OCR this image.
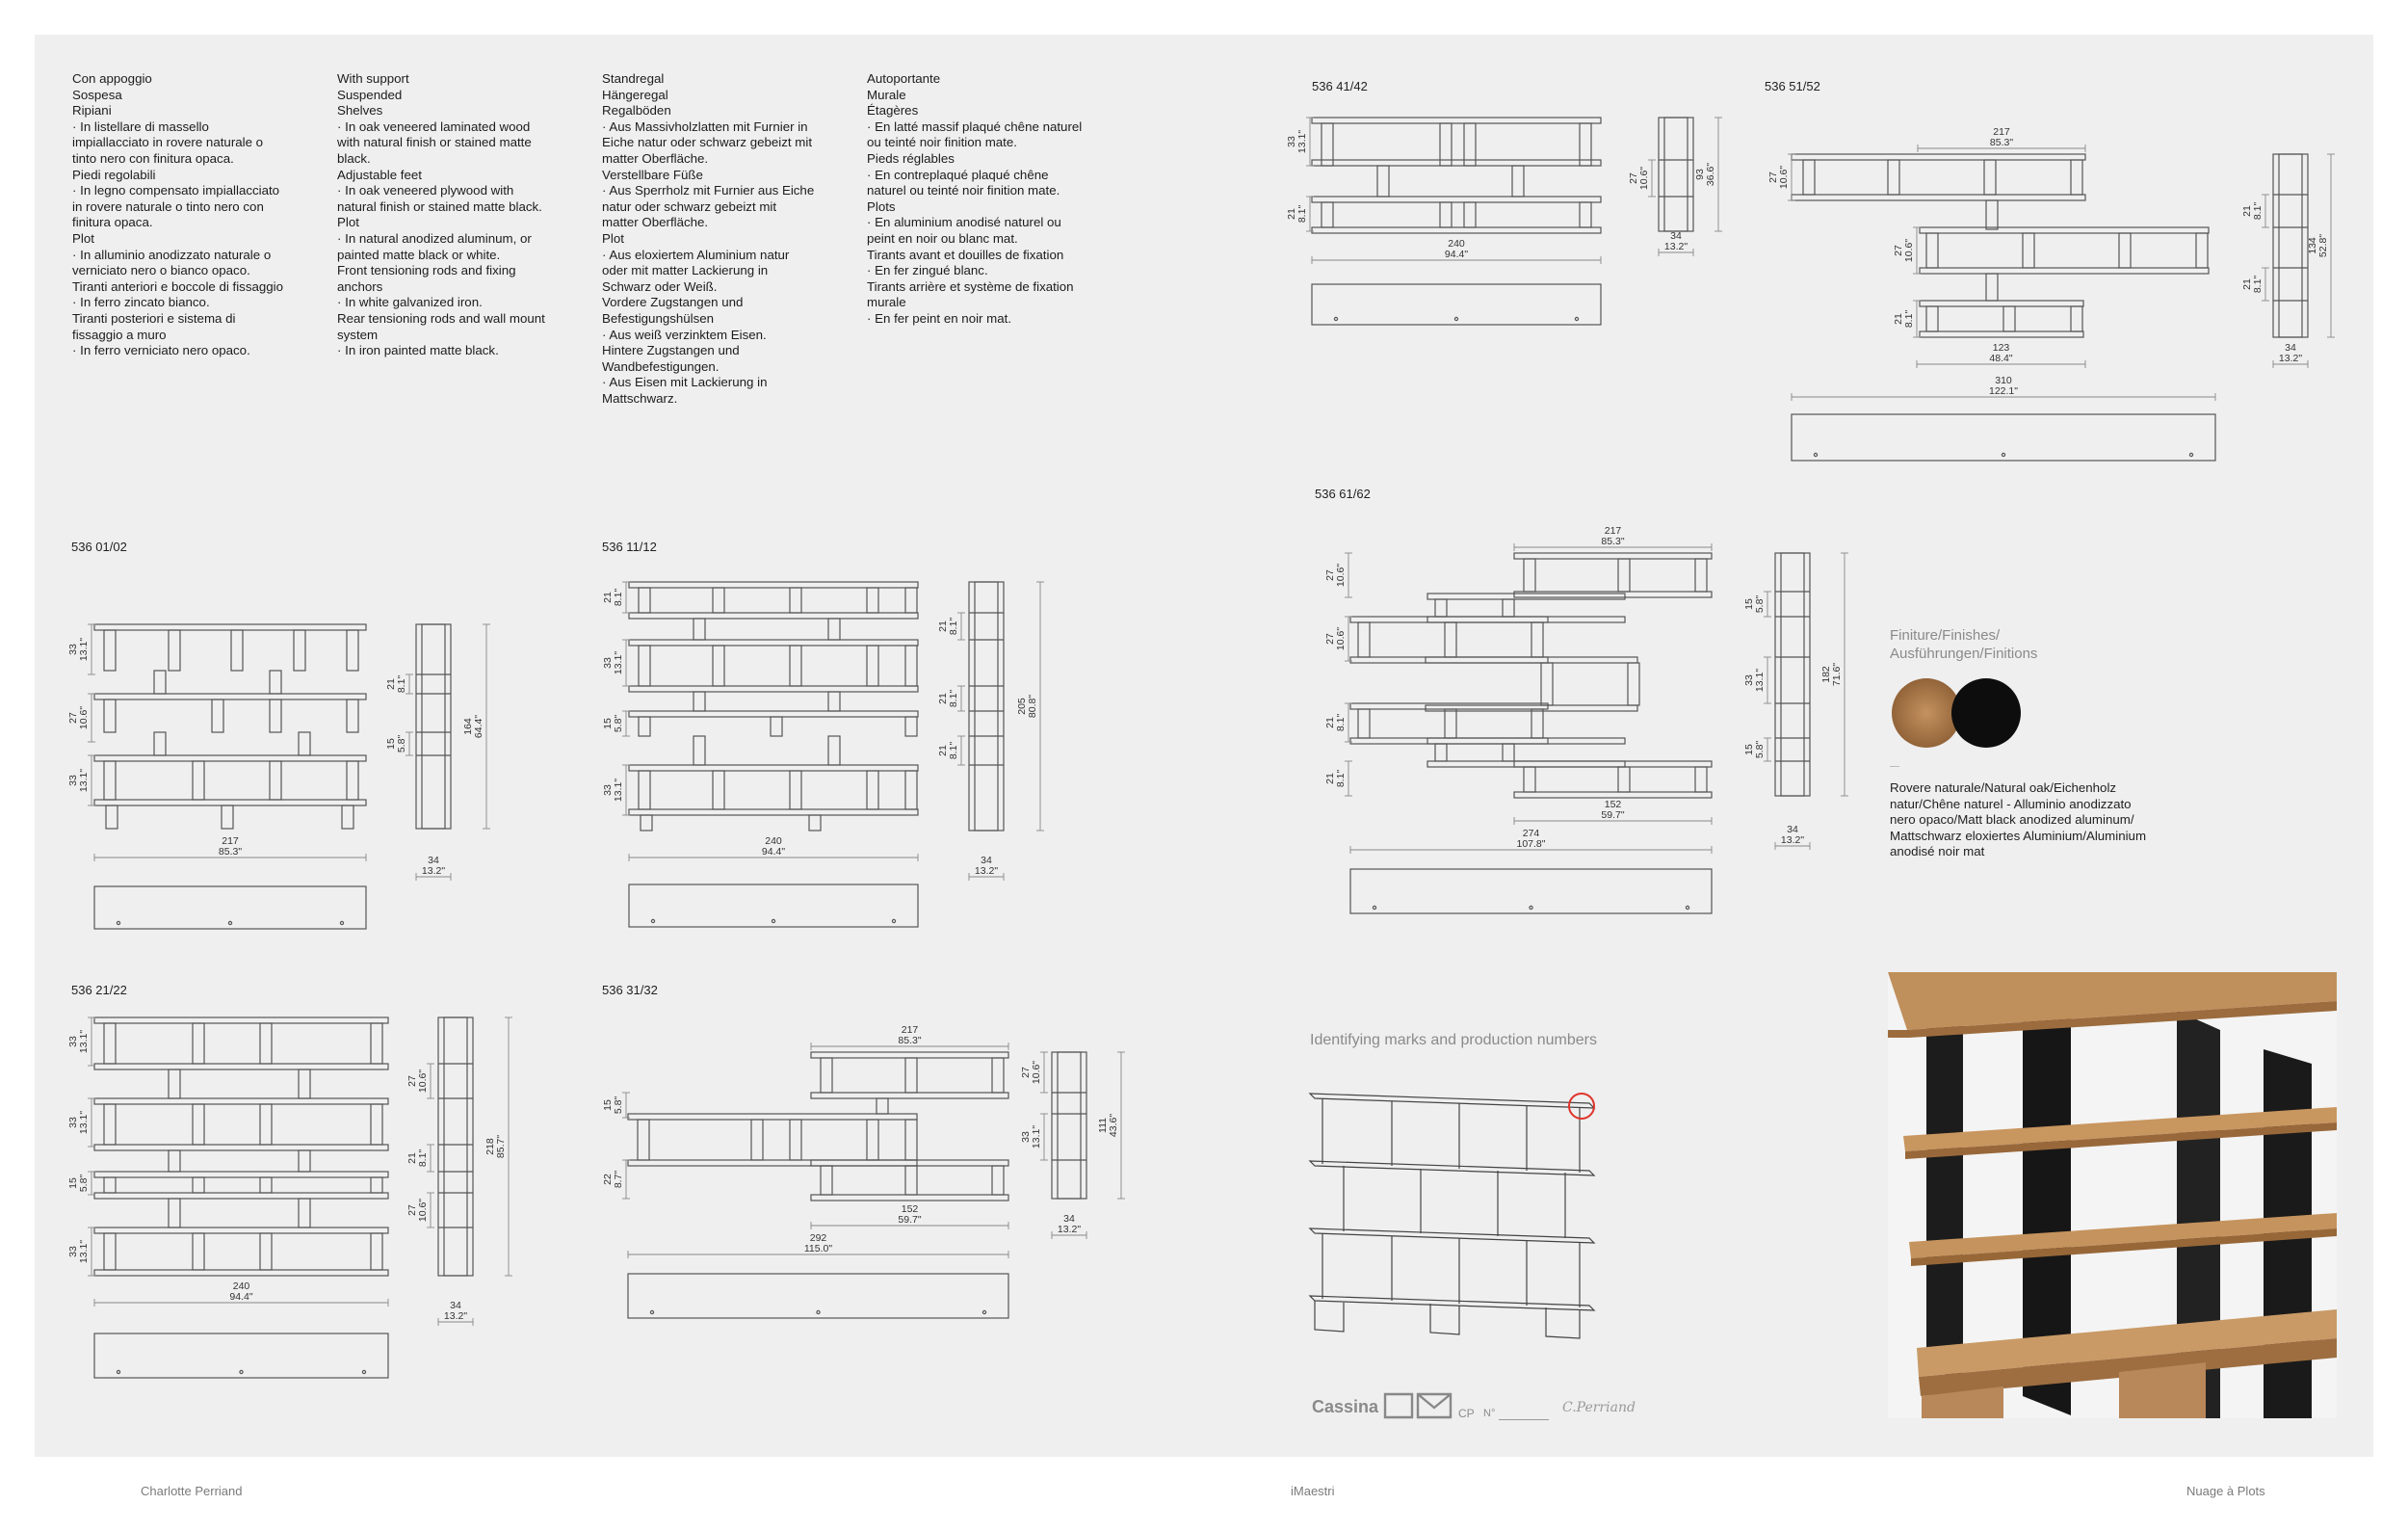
Con appoggio
Sospesa
Ripiani
· In listellare di massello
impiallacciato in rovere naturale o
tinto nero con finitura opaca.
Piedi regolabili
· In legno compensato impiallacciato
in rovere naturale o tinto nero con
finitura opaca.
Plot
· In alluminio anodizzato naturale o
verniciato nero o bianco opaco.
Tiranti anteriori e boccole di fissaggio
· In ferro zincato bianco.
Tiranti posteriori e sistema di
fissaggio a muro
· In ferro verniciato nero opaco.
With support
Suspended
Shelves
· In oak veneered laminated wood
with natural finish or stained matte
black.
Adjustable feet
· In oak veneered plywood with
natural finish or stained matte black.
Plot
· In natural anodized aluminum, or
painted matte black or white.
Front tensioning rods and fixing
anchors
· In white galvanized iron.
Rear tensioning rods and wall mount
system
· In iron painted matte black.
Standregal
Hängeregal
Regalböden
· Aus Massivholzlatten mit Furnier in
Eiche natur oder schwarz gebeizt mit
matter Oberfläche.
Verstellbare Füße
· Aus Sperrholz mit Furnier aus Eiche
natur oder schwarz gebeizt mit
matter Oberfläche.
Plot
· Aus eloxiertem Aluminium natur
oder mit matter Lackierung in
Schwarz oder Weiß.
Vordere Zugstangen und
Befestigungshülsen
· Aus weiß verzinktem Eisen.
Hintere Zugstangen und
Wandbefestigungen.
· Aus Eisen mit Lackierung in
Mattschwarz.
Autoportante
Murale
Étagères
· En latté massif plaqué chêne naturel
ou teinté noir finition mate.
Pieds réglables
· En contreplaqué plaqué chêne
naturel ou teinté noir finition mate.
Plots
· En aluminium anodisé naturel ou
peint en noir ou blanc mat.
Tirants avant et douilles de fixation
· En fer zingué blanc.
Tirants arrière et système de fixation
murale
· En fer peint en noir mat.
536 41/42	536 51/52
536 01/02	536 11/12
536 61/62
536 21/22	536 31/32
3313.1"
218.1"
240 94.4"
2710.6"	9336.6"
34 13.2"
217 85.3"
2710.6"
2710.6"
218.1"
123 48.4"
310 122.1"
218.1"
218.1"
13452.8"
34 13.2"
3313.1"
2710.6"
3313.1"
217 85.3"
218.1"
155.8"
16464.4"
34 13.2"
218.1"
3313.1"
155.8"
3313.1"
240 94.4"
218.1"
218.1"
218.1"
20580.8"
34 13.2"
217 85.3"
2710.6"
2710.6"
218.1"
218.1"
152 59.7"
274 107.8"
155.8"
3313.1"
155.8"
18271.6"
34 13.2"
3313.1"
3313.1"
155.8"
3313.1"
240 94.4"
2710.6"
218.1"
2710.6"
21885.7"
34 13.2"
217 85.3"
155.8"
228.7"
152 59.7"
292 115.0"
2710.6"
3313.1"	11143.6"
34 13.2"
Finiture/Finishes/
Ausführungen/Finitions
Rovere naturale/Natural oak/Eichenholz
natur/Chêne naturel - Alluminio anodizzato
nero opaco/Matt black anodized aluminum/
Mattschwarz eloxiertes Aluminium/Aluminium
anodisé noir mat
Identifying marks and production numbers
Cassina	CP N°	C.Perriand
Charlotte Perriand	iMaestri	Nuage à Plots
